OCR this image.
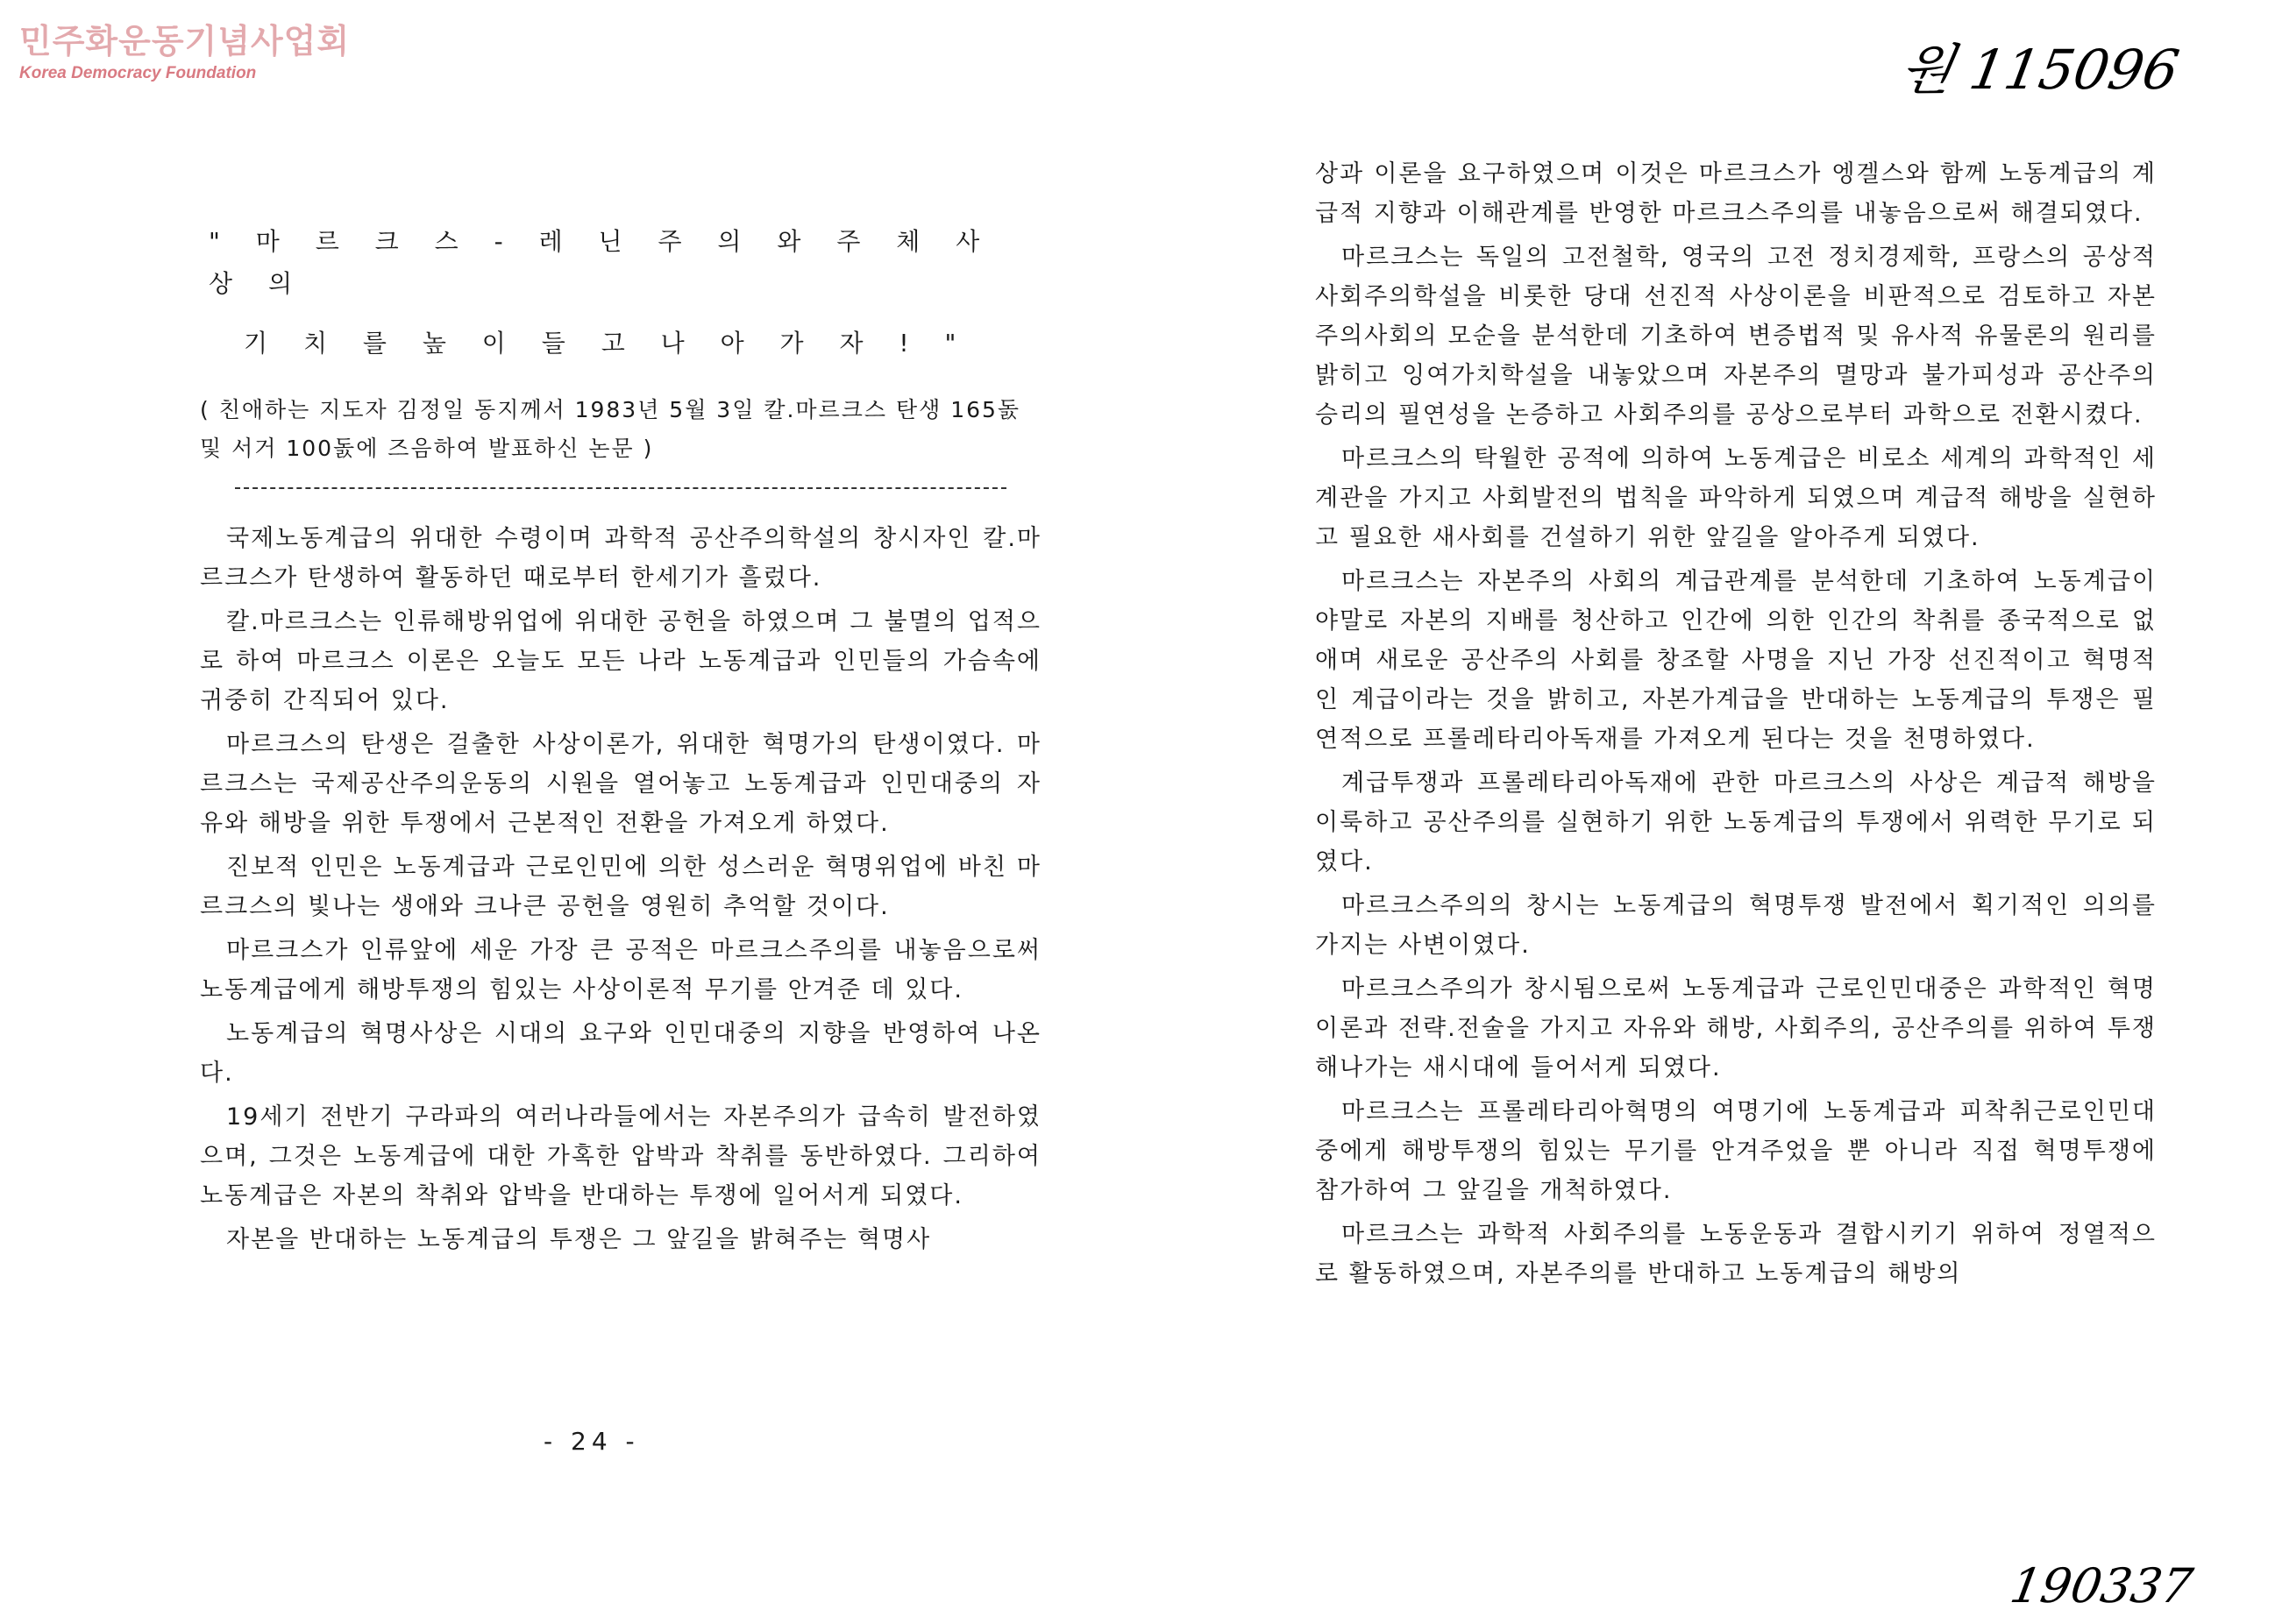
민주화운동기념사업회
Korea Democracy Foundation	원 115096
190337
" 마 르 크 스 - 레 닌 주 의 와 주 체 사 상 의
기 치 를 높 이 들 고 나 아 가 자 ! "
( 친애하는 지도자 김정일 동지께서 1983년 5월 3일 칼.마르크스 탄생 165돐 및 서거 100돐에 즈음하여 발표하신 논문 )

국제노동계급의 위대한 수령이며 과학적 공산주의학설의 창시자인 칼.마르크스가 탄생하여 활동하던 때로부터 한세기가 흘렀다.

칼.마르크스는 인류해방위업에 위대한 공헌을 하였으며 그 불멸의 업적으로 하여 마르크스 이론은 오늘도 모든 나라 노동계급과 인민들의 가슴속에 귀중히 간직되어 있다.

마르크스의 탄생은 걸출한 사상이론가, 위대한 혁명가의 탄생이였다. 마르크스는 국제공산주의운동의 시원을 열어놓고 노동계급과 인민대중의 자유와 해방을 위한 투쟁에서 근본적인 전환을 가져오게 하였다.

진보적 인민은 노동계급과 근로인민에 의한 성스러운 혁명위업에 바친 마르크스의 빛나는 생애와 크나큰 공헌을 영원히 추억할 것이다.

마르크스가 인류앞에 세운 가장 큰 공적은 마르크스주의를 내놓음으로써 노동계급에게 해방투쟁의 힘있는 사상이론적 무기를 안겨준 데 있다.

노동계급의 혁명사상은 시대의 요구와 인민대중의 지향을 반영하여 나온다.

19세기 전반기 구라파의 여러나라들에서는 자본주의가 급속히 발전하였으며, 그것은 노동계급에 대한 가혹한 압박과 착취를 동반하였다. 그리하여 노동계급은 자본의 착취와 압박을 반대하는 투쟁에 일어서게 되였다.

자본을 반대하는 노동계급의 투쟁은 그 앞길을 밝혀주는 혁명사

- 24 -

상과 이론을 요구하였으며 이것은 마르크스가 엥겔스와 함께 노동계급의 계급적 지향과 이해관계를 반영한 마르크스주의를 내놓음으로써 해결되였다.

마르크스는 독일의 고전철학, 영국의 고전 정치경제학, 프랑스의 공상적 사회주의학설을 비롯한 당대 선진적 사상이론을 비판적으로 검토하고 자본주의사회의 모순을 분석한데 기초하여 변증법적 및 유사적 유물론의 원리를 밝히고 잉여가치학설을 내놓았으며 자본주의 멸망과 불가피성과 공산주의 승리의 필연성을 논증하고 사회주의를 공상으로부터 과학으로 전환시켰다.

마르크스의 탁월한 공적에 의하여 노동계급은 비로소 세계의 과학적인 세계관을 가지고 사회발전의 법칙을 파악하게 되였으며 계급적 해방을 실현하고 필요한 새사회를 건설하기 위한 앞길을 알아주게 되였다.

마르크스는 자본주의 사회의 계급관계를 분석한데 기초하여 노동계급이야말로 자본의 지배를 청산하고 인간에 의한 인간의 착취를 종국적으로 없애며 새로운 공산주의 사회를 창조할 사명을 지닌 가장 선진적이고 혁명적인 계급이라는 것을 밝히고, 자본가계급을 반대하는 노동계급의 투쟁은 필연적으로 프롤레타리아독재를 가져오게 된다는 것을 천명하였다.

계급투쟁과 프롤레타리아독재에 관한 마르크스의 사상은 계급적 해방을 이룩하고 공산주의를 실현하기 위한 노동계급의 투쟁에서 위력한 무기로 되였다.

마르크스주의의 창시는 노동계급의 혁명투쟁 발전에서 획기적인 의의를 가지는 사변이였다.

마르크스주의가 창시됨으로써 노동계급과 근로인민대중은 과학적인 혁명이론과 전략.전술을 가지고 자유와 해방, 사회주의, 공산주의를 위하여 투쟁해나가는 새시대에 들어서게 되였다.

마르크스는 프롤레타리아혁명의 여명기에 노동계급과 피착취근로인민대중에게 해방투쟁의 힘있는 무기를 안겨주었을 뿐 아니라 직접 혁명투쟁에 참가하여 그 앞길을 개척하였다.

마르크스는 과학적 사회주의를 노동운동과 결합시키기 위하여 정열적으로 활동하였으며, 자본주의를 반대하고 노동계급의 해방의
